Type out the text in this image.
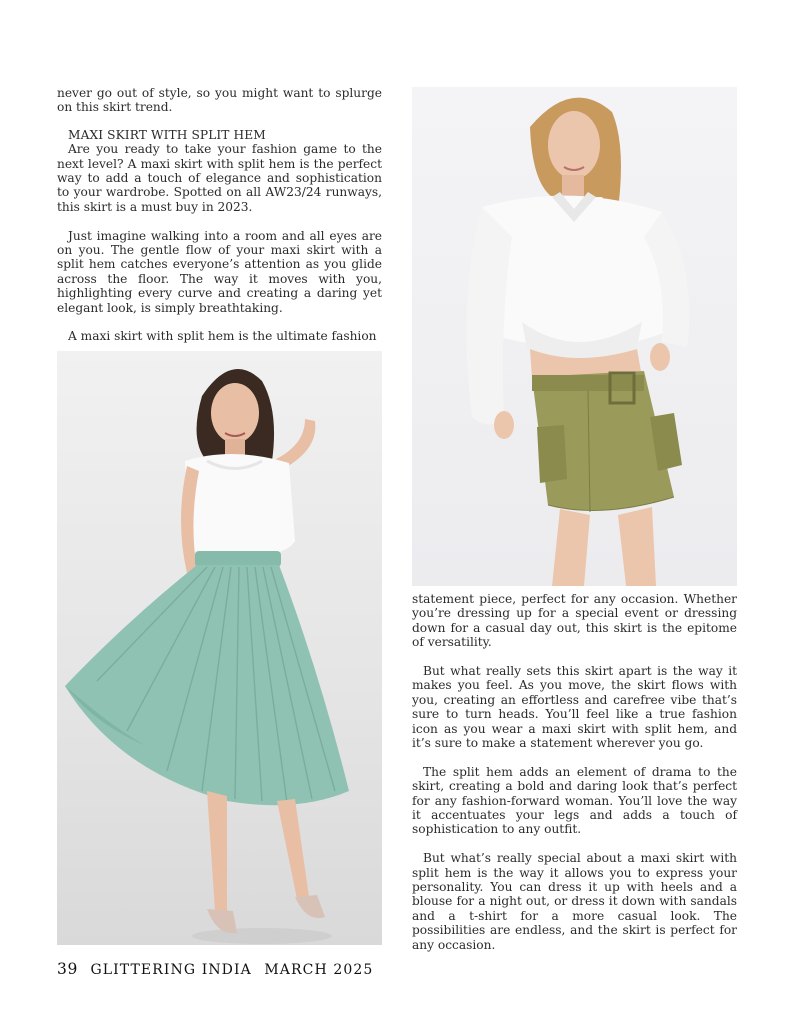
never go out of style, so you might want to splurge on this skirt trend.

MAXI SKIRT WITH SPLIT HEM

Are you ready to take your fashion game to the next level? A maxi skirt with split hem is the perfect way to add a touch of elegance and sophistication to your wardrobe. Spotted on all AW23/24 runways, this skirt is a must buy in 2023.

Just imagine walking into a room and all eyes are on you. The gentle flow of your maxi skirt with a split hem catches everyone’s attention as you glide across the floor. The way it moves with you, highlighting every curve and creating a daring yet elegant look, is simply breathtaking.

A maxi skirt with split hem is the ultimate fashion

statement piece, perfect for any occasion. Whether you’re dressing up for a special event or dressing down for a casual day out, this skirt is the epitome of versatility.

But what really sets this skirt apart is the way it makes you feel. As you move, the skirt flows with you, creating an effortless and carefree vibe that’s sure to turn heads. You’ll feel like a true fashion icon as you wear a maxi skirt with split hem, and it’s sure to make a statement wherever you go.

The split hem adds an element of drama to the skirt, creating a bold and daring look that’s perfect for any fashion-forward woman. You’ll love the way it accentuates your legs and adds a touch of sophistication to any outfit.

But what’s really special about a maxi skirt with split hem is the way it allows you to express your personality. You can dress it up with heels and a blouse for a night out, or dress it down with sandals and a t-shirt for a more casual look. The possibilities are endless, and the skirt is perfect for any occasion.

39 GLITTERING INDIA MARCH 2025
